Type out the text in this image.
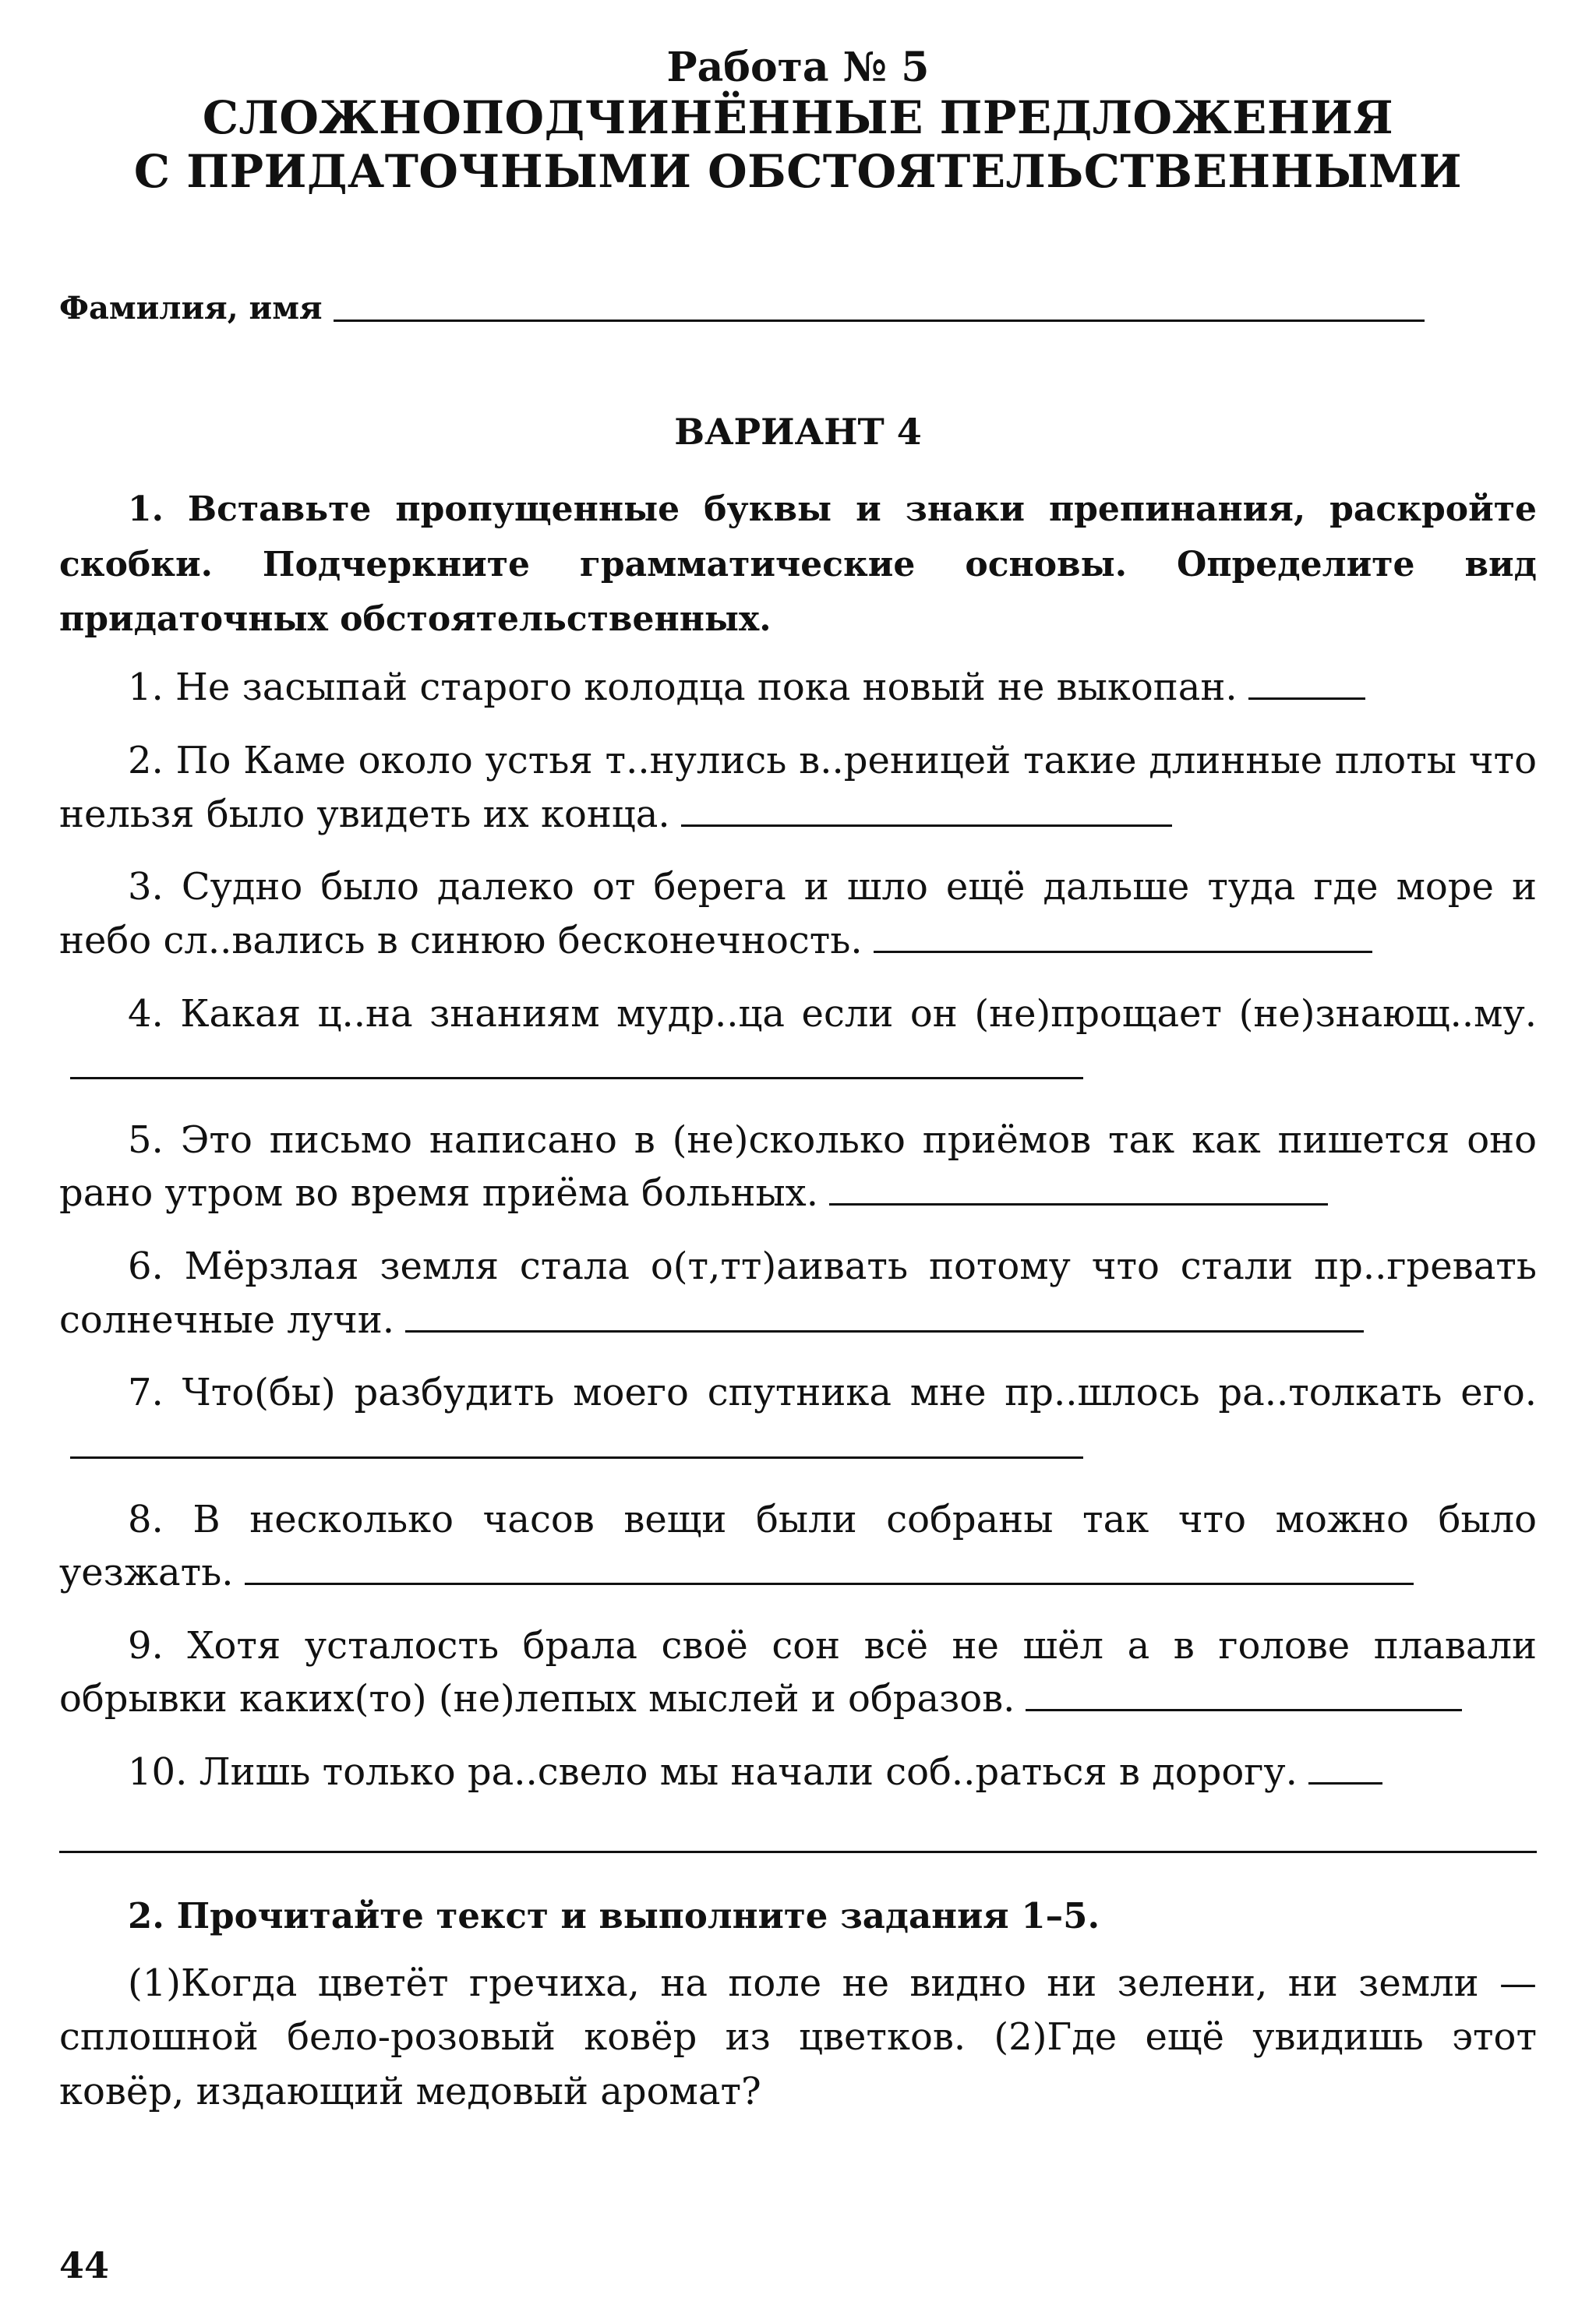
Работа № 5
СЛОЖНОПОДЧИНЁННЫЕ ПРЕДЛОЖЕНИЯ
С ПРИДАТОЧНЫМИ ОБСТОЯТЕЛЬСТВЕННЫМИ
Фамилия, имя
ВАРИАНТ 4
1. Вставьте пропущенные буквы и знаки препинания, раскройте скобки. Подчеркните грамматические основы. Определите вид придаточных обстоятельственных.
1. Не засыпай старого колодца пока новый не выкопан.
2. По Каме около устья т..нулись в..реницей такие длинные плоты что нельзя было увидеть их конца.
3. Судно было далеко от берега и шло ещё дальше туда где море и небо сл..вались в синюю бесконечность.
4. Какая ц..на знаниям мудр..ца если он (не)прощает (не)знающ..му.
5. Это письмо написано в (не)сколько приёмов так как пишется оно рано утром во время приёма больных.
6. Мёрзлая земля стала о(т,тт)аивать потому что стали пр..гревать солнечные лучи.
7. Что(бы) разбудить моего спутника мне пр..шлось ра..толкать его.
8. В несколько часов вещи были собраны так что можно было уезжать.
9. Хотя усталость брала своё сон всё не шёл а в голове плавали обрывки каких(то) (не)лепых мыслей и образов.
10. Лишь только ра..свело мы начали соб..раться в дорогу.
2. Прочитайте текст и выполните задания 1–5.
(1)Когда цветёт гречиха, на поле не видно ни зелени, ни земли — сплошной бело-розовый ковёр из цветков. (2)Где ещё увидишь этот ковёр, издающий медовый аромат?
44
